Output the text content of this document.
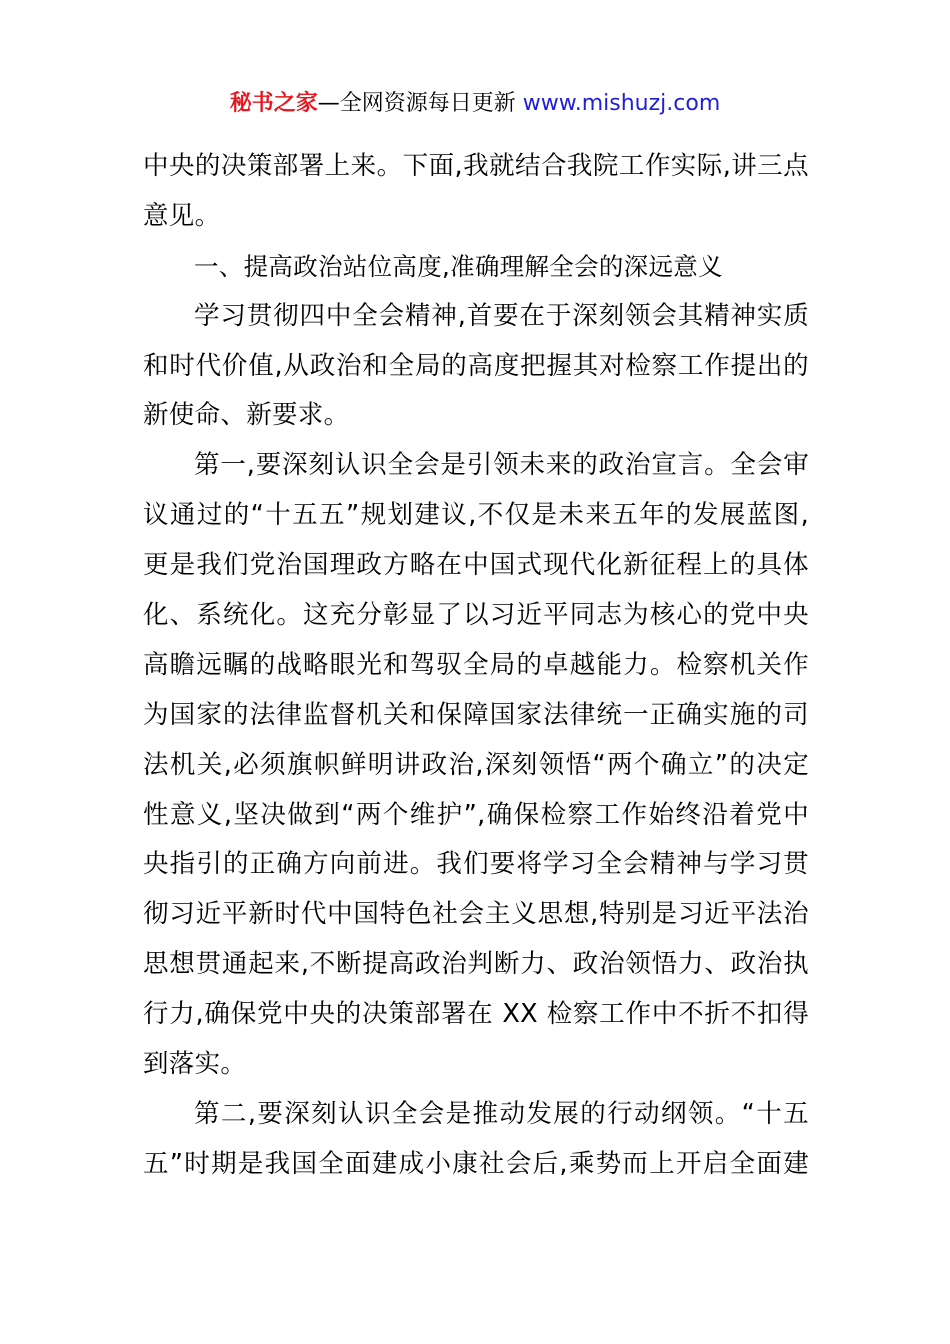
秘书之家—全网资源每日更新 www.mishuzj.com
中央的决策部署上来。下面,我就结合我院工作实际,讲三点
意见。
一、提高政治站位高度,准确理解全会的深远意义
学习贯彻四中全会精神,首要在于深刻领会其精神实质
和时代价值,从政治和全局的高度把握其对检察工作提出的
新使命、新要求。
第一,要深刻认识全会是引领未来的政治宣言。全会审
议通过的“十五五”规划建议,不仅是未来五年的发展蓝图,
更是我们党治国理政方略在中国式现代化新征程上的具体
化、系统化。这充分彰显了以习近平同志为核心的党中央
高瞻远瞩的战略眼光和驾驭全局的卓越能力。检察机关作
为国家的法律监督机关和保障国家法律统一正确实施的司
法机关,必须旗帜鲜明讲政治,深刻领悟“两个确立”的决定
性意义,坚决做到“两个维护”,确保检察工作始终沿着党中
央指引的正确方向前进。我们要将学习全会精神与学习贯
彻习近平新时代中国特色社会主义思想,特别是习近平法治
思想贯通起来,不断提高政治判断力、政治领悟力、政治执
行力,确保党中央的决策部署在 XX 检察工作中不折不扣得
到落实。
第二,要深刻认识全会是推动发展的行动纲领。“十五
五”时期是我国全面建成小康社会后,乘势而上开启全面建
